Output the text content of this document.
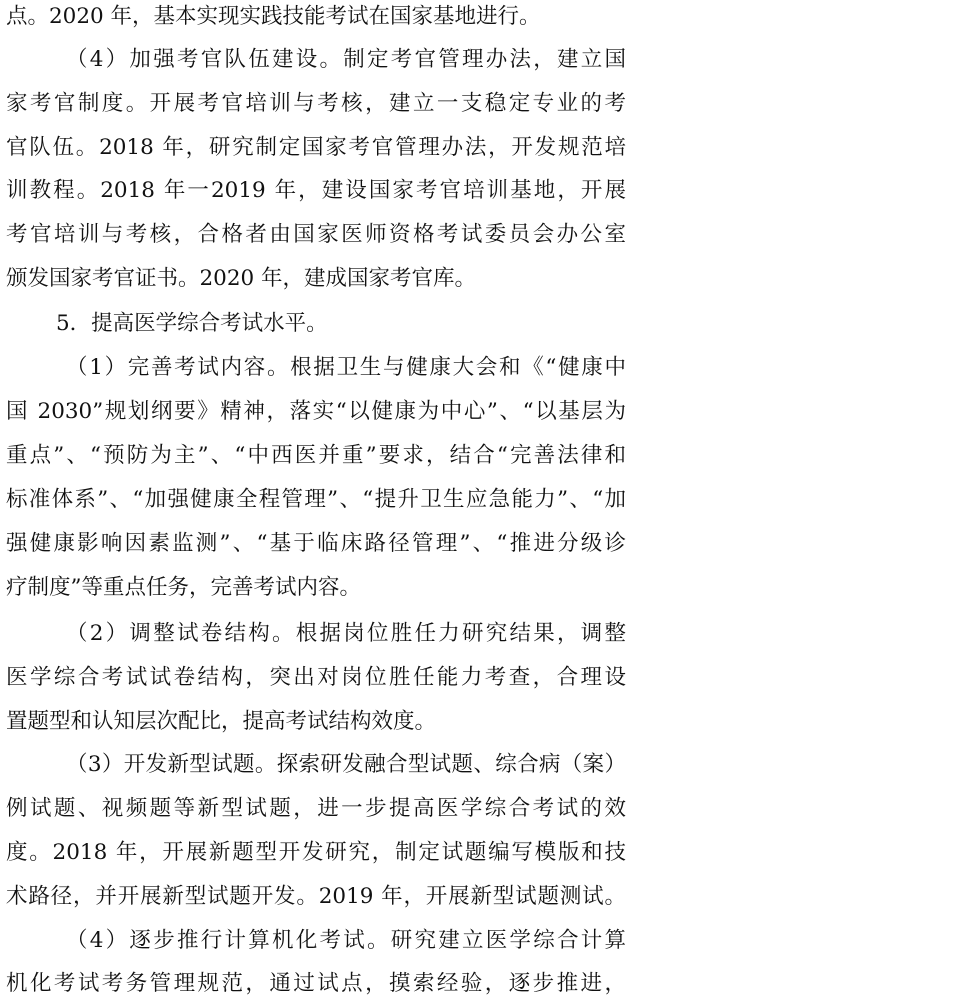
点。2020 年，基本实现实践技能考试在国家基地进行。
（4）加强考官队伍建设。制定考官管理办法，建立国
家考官制度。开展考官培训与考核，建立一支稳定专业的考
官队伍。2018 年，研究制定国家考官管理办法，开发规范培
训教程。2018 年一2019 年，建设国家考官培训基地，开展
考官培训与考核，合格者由国家医师资格考试委员会办公室
颁发国家考官证书。2020 年，建成国家考官库。
5．提高医学综合考试水平。
（1）完善考试内容。根据卫生与健康大会和《“健康中
国 2030”规划纲要》精神，落实“以健康为中心”、“以基层为
重点”、“预防为主”、“中西医并重”要求，结合“完善法律和
标准体系”、“加强健康全程管理”、“提升卫生应急能力”、“加
强健康影响因素监测”、“基于临床路径管理”、“推进分级诊
疗制度”等重点任务，完善考试内容。
（2）调整试卷结构。根据岗位胜任力研究结果，调整
医学综合考试试卷结构，突出对岗位胜任能力考查，合理设
置题型和认知层次配比，提高考试结构效度。
（3）开发新型试题。探索研发融合型试题、综合病（案）
例试题、视频题等新型试题，进一步提高医学综合考试的效
度。2018 年，开展新题型开发研究，制定试题编写模版和技
术路径，并开展新型试题开发。2019 年，开展新型试题测试。
（4）逐步推行计算机化考试。研究建立医学综合计算
机化考试考务管理规范，通过试点，摸索经验，逐步推进，
